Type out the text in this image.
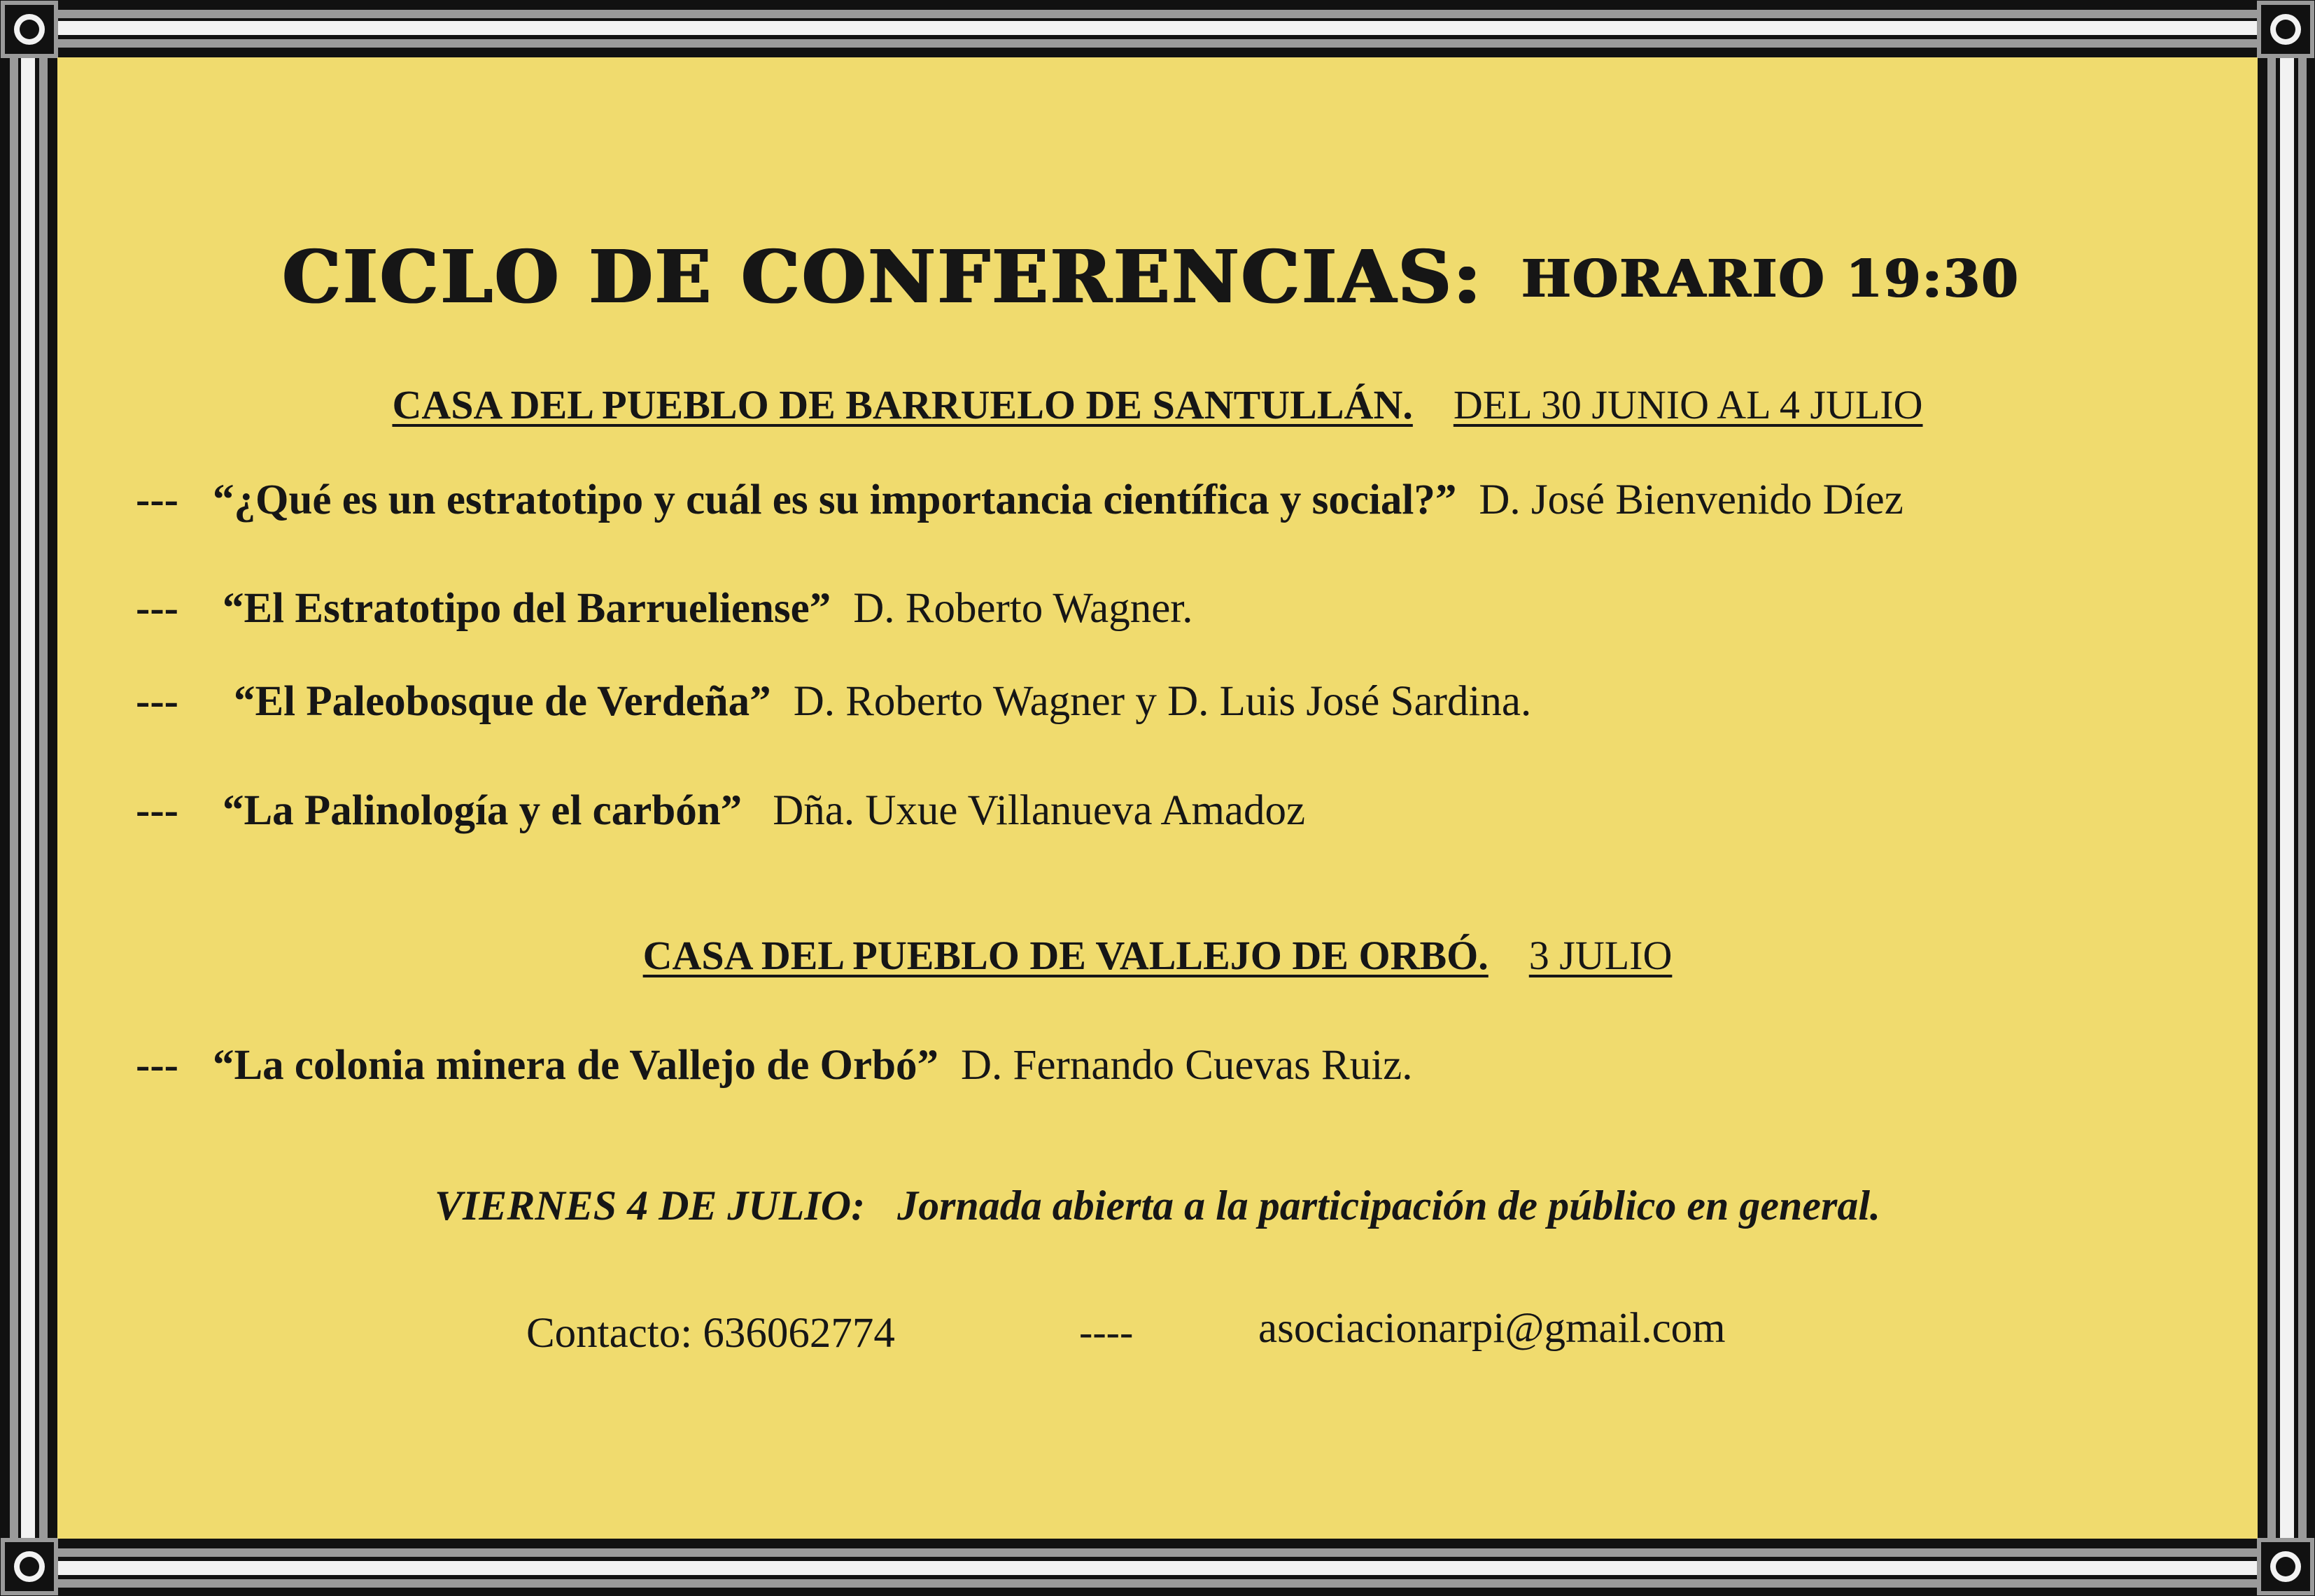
CICLO DE CONFERENCIAS: HORARIO 19:30
CASA DEL PUEBLO DE BARRUELO DE SANTULLÁN. DEL 30 JUNIO AL 4 JULIO
--- “¿Qué es un estratotipo y cuál es su importancia científica y social?” D. José Bienvenido Díez
--- “El Estratotipo del Barrueliense” D. Roberto Wagner.
--- “El Paleobosque de Verdeña” D. Roberto Wagner y D. Luis José Sardina.
--- “La Palinología y el carbón” Dña. Uxue Villanueva Amadoz
CASA DEL PUEBLO DE VALLEJO DE ORBÓ. 3 JULIO
--- “La colonia minera de Vallejo de Orbó” D. Fernando Cuevas Ruiz.
VIERNES 4 DE JULIO: Jornada abierta a la participación de público en general.
Contacto: 636062774	----	asociacionarpi@gmail.com
